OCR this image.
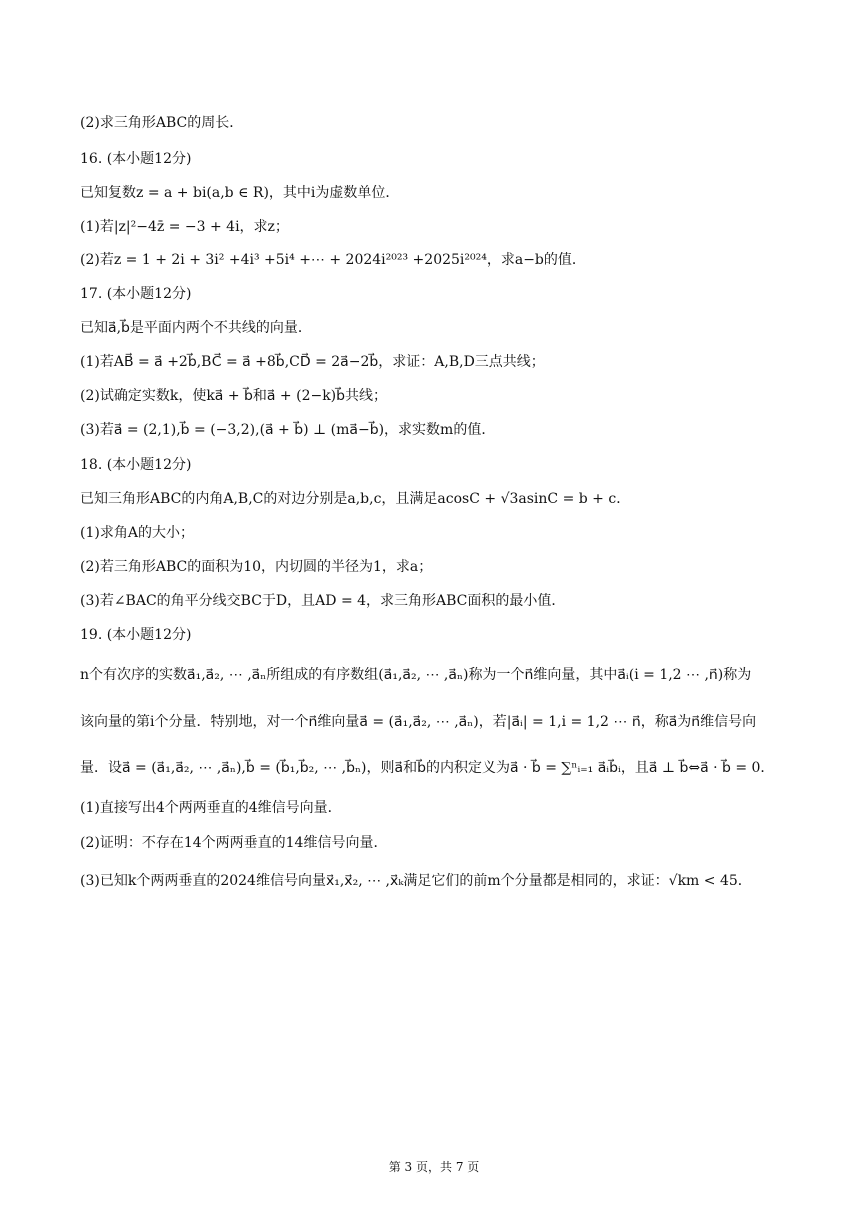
(2)求三角形ABC的周长．
16. (本小题12分)
已知复数z = a + bi(a,b ∈ R)，其中i为虚数单位．
(1)若|z|²−4z̄ = −3 + 4i，求z；
(2)若z = 1 + 2i + 3i² +4i³ +5i⁴ +⋯ + 2024i²⁰²³ +2025i²⁰²⁴，求a−b的值．
17. (本小题12分)
已知a⃗,b⃗是平面内两个不共线的向量．
(1)若AB⃗ = a⃗ +2b⃗,BC⃗ = a⃗ +8b⃗,CD⃗ = 2a⃗−2b⃗，求证：A,B,D三点共线；
(2)试确定实数k，使ka⃗ + b⃗和a⃗ + (2−k)b⃗共线；
(3)若a⃗ = (2,1),b⃗ = (−3,2),(a⃗ + b⃗) ⊥ (ma⃗−b⃗)，求实数m的值．
18. (本小题12分)
已知三角形ABC的内角A,B,C的对边分别是a,b,c，且满足acosC + √3asinC = b + c．
(1)求角A的大小；
(2)若三角形ABC的面积为10，内切圆的半径为1，求a；
(3)若∠BAC的角平分线交BC于D，且AD = 4，求三角形ABC面积的最小值．
19. (本小题12分)
n个有次序的实数a⃗₁,a⃗₂, ⋯ ,a⃗ₙ所组成的有序数组(a⃗₁,a⃗₂, ⋯ ,a⃗ₙ)称为一个n⃗维向量，其中a⃗ᵢ(i = 1,2 ⋯ ,n⃗)称为
该向量的第i个分量．特别地，对一个n⃗维向量a⃗ = (a⃗₁,a⃗₂, ⋯ ,a⃗ₙ)，若|a⃗ᵢ| = 1,i = 1,2 ⋯ n⃗，称a⃗为n⃗维信号向
量．设a⃗ = (a⃗₁,a⃗₂, ⋯ ,a⃗ₙ),b⃗ = (b⃗₁,b⃗₂, ⋯ ,b⃗ₙ)，则a⃗和b⃗的内积定义为a⃗ · b⃗ = ∑ⁿᵢ₌₁ a⃗ᵢb⃗ᵢ，且a⃗ ⊥ b⃗⇔a⃗ · b⃗ = 0．
(1)直接写出4个两两垂直的4维信号向量．
(2)证明：不存在14个两两垂直的14维信号向量．
(3)已知k个两两垂直的2024维信号向量x⃗₁,x⃗₂, ⋯ ,x⃗ₖ满足它们的前m个分量都是相同的，求证：√km < 45．
第 3 页，共 7 页
